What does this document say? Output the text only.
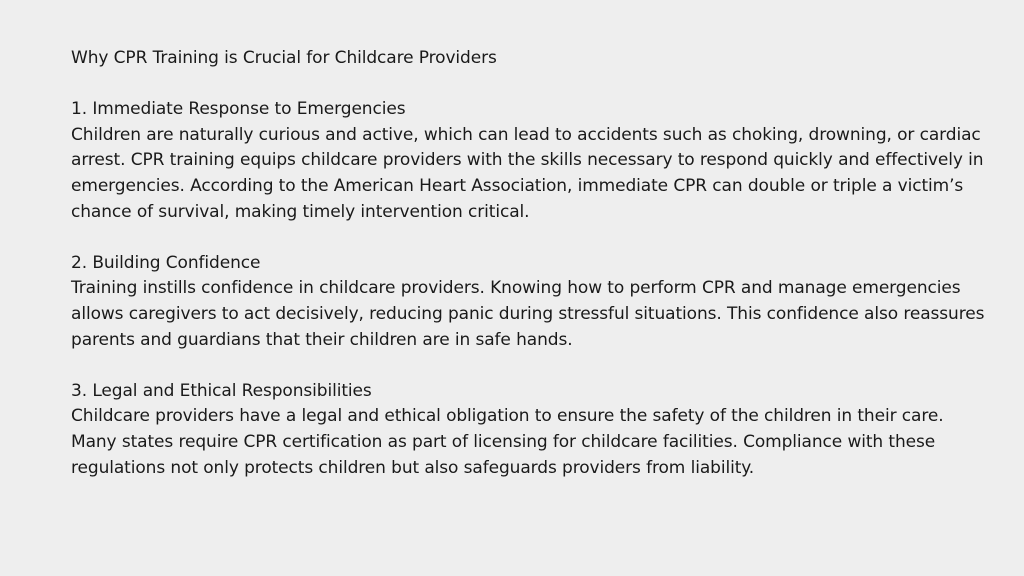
Why CPR Training is Crucial for Childcare Providers
1. Immediate Response to Emergencies

Children are naturally curious and active, which can lead to accidents such as choking, drowning, or cardiac arrest. CPR training equips childcare providers with the skills necessary to respond quickly and effectively in emergencies. According to the American Heart Association, immediate CPR can double or triple a victim’s chance of survival, making timely intervention critical.

2. Building Confidence

Training instills confidence in childcare providers. Knowing how to perform CPR and manage emergencies allows caregivers to act decisively, reducing panic during stressful situations. This confidence also reassures parents and guardians that their children are in safe hands.

3. Legal and Ethical Responsibilities

Childcare providers have a legal and ethical obligation to ensure the safety of the children in their care. Many states require CPR certification as part of licensing for childcare facilities. Compliance with these regulations not only protects children but also safeguards providers from liability.
